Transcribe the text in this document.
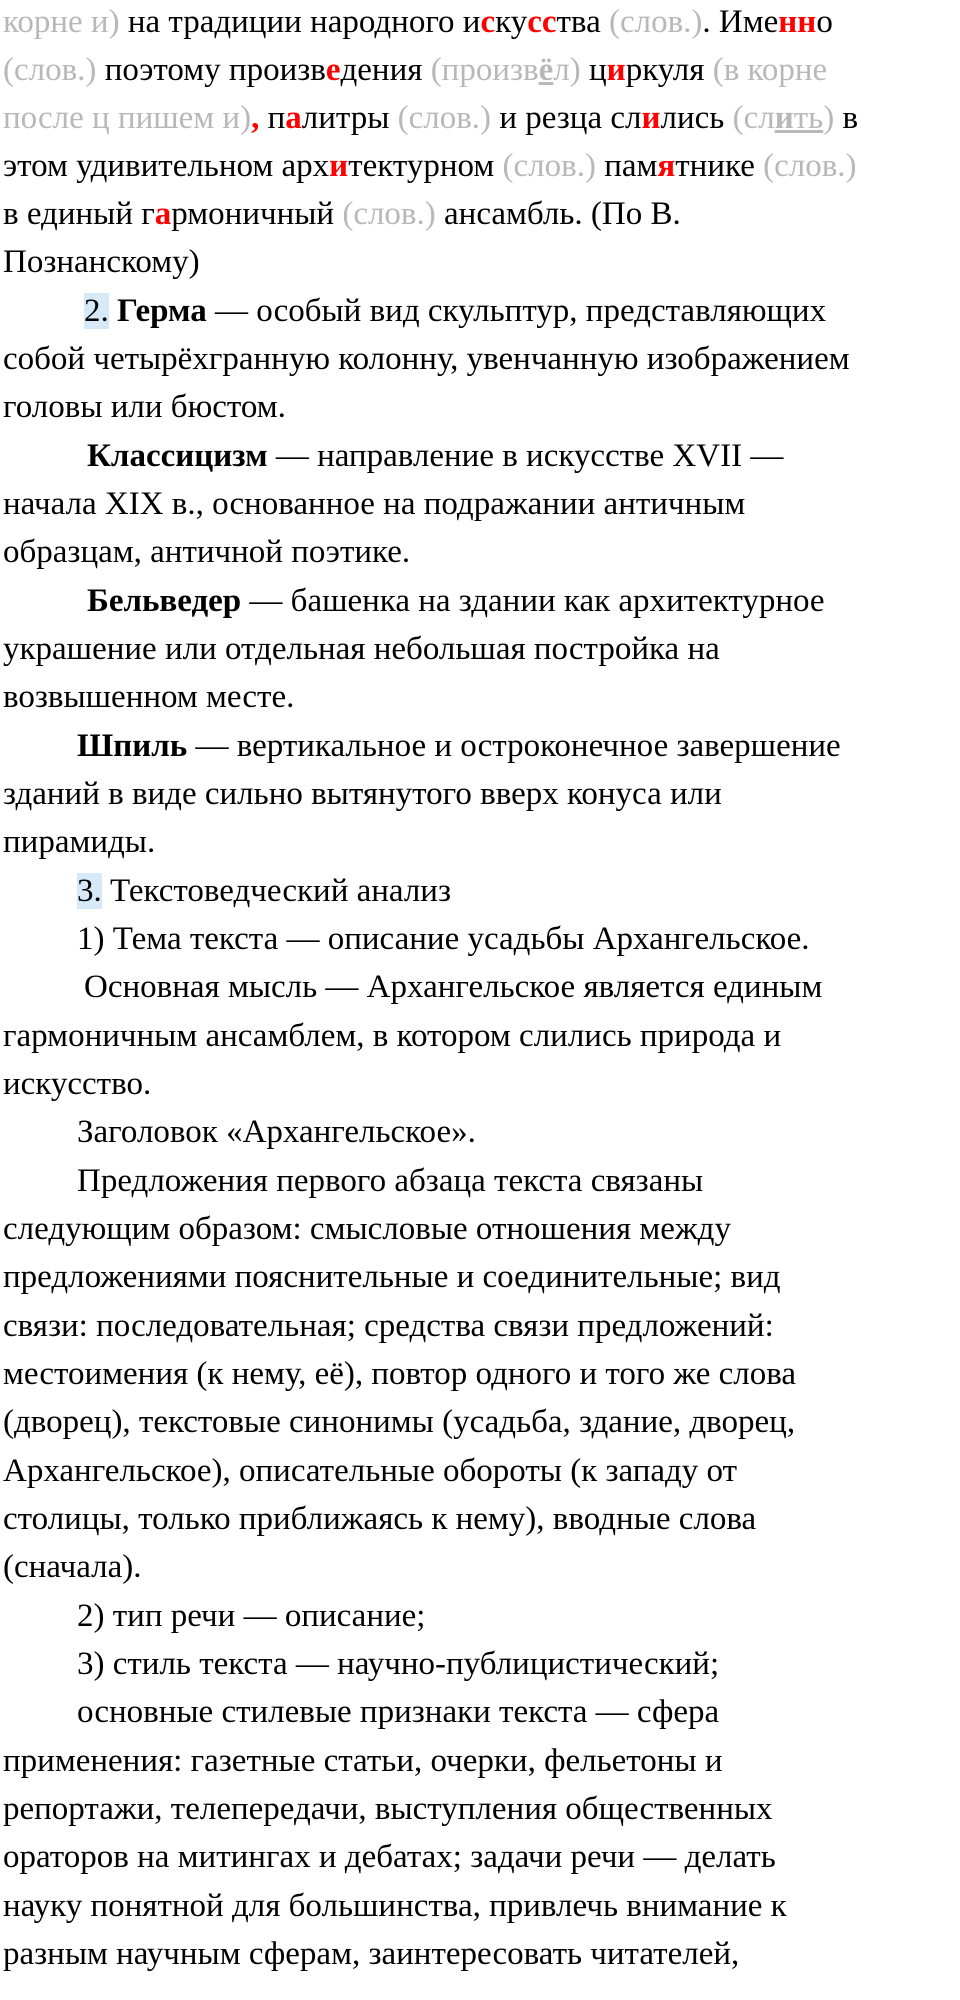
корне и) на традиции народного искусства (слов.). Именно
(слов.) поэтому произведения (произвёл) циркуля (в корне
после ц пишем и), палитры (слов.) и резца слились (слить) в
этом удивительном архитектурном (слов.) памятнике (слов.)
в единый гармоничный (слов.) ансамбль. (По В.
Познанскому)
2. Герма — особый вид скульптур, представляющих
собой четырёхгранную колонну, увенчанную изображением
головы или бюстом.
Классицизм — направление в искусстве XVII —
начала XIX в., основанное на подражании античным
образцам, античной поэтике.
Бельведер — башенка на здании как архитектурное
украшение или отдельная небольшая постройка на
возвышенном месте.
Шпиль — вертикальное и остроконечное завершение
зданий в виде сильно вытянутого вверх конуса или
пирамиды.
3. Текстоведческий анализ
1) Тема текста — описание усадьбы Архангельское.
Основная мысль — Архангельское является единым
гармоничным ансамблем, в котором слились природа и
искусство.
Заголовок «Архангельское».
Предложения первого абзаца текста связаны
следующим образом: смысловые отношения между
предложениями пояснительные и соединительные; вид
связи: последовательная; средства связи предложений:
местоимения (к нему, её), повтор одного и того же слова
(дворец), текстовые синонимы (усадьба, здание, дворец,
Архангельское), описательные обороты (к западу от
столицы, только приближаясь к нему), вводные слова
(сначала).
2) тип речи — описание;
3) стиль текста — научно-публицистический;
основные стилевые признаки текста — сфера
применения: газетные статьи, очерки, фельетоны и
репортажи, телепередачи, выступления общественных
ораторов на митингах и дебатах; задачи речи — делать
науку понятной для большинства, привлечь внимание к
разным научным сферам, заинтересовать читателей,
